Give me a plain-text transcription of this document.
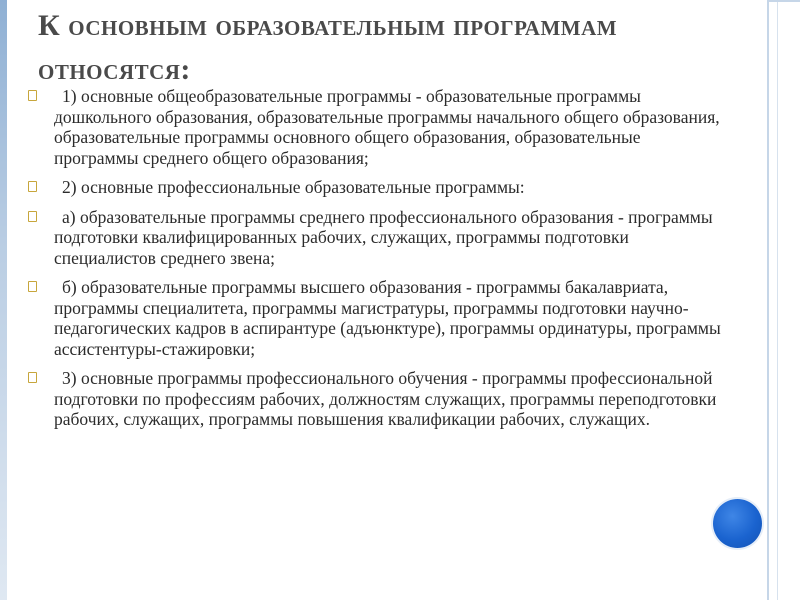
К основным образовательным программам относятся:
1) основные общеобразовательные программы - образовательные программы дошкольного образования, образовательные программы начального общего образования, образовательные программы основного общего образования, образовательные программы среднего общего образования;
2) основные профессиональные образовательные программы:
а) образовательные программы среднего профессионального образования - программы подготовки квалифицированных рабочих, служащих, программы подготовки специалистов среднего звена;
б) образовательные программы высшего образования - программы бакалавриата, программы специалитета, программы магистратуры, программы подготовки научно-педагогических кадров в аспирантуре (адъюнктуре), программы ординатуры, программы ассистентуры-стажировки;
3) основные программы профессионального обучения - программы профессиональной подготовки по профессиям рабочих, должностям служащих, программы переподготовки рабочих, служащих, программы повышения квалификации рабочих, служащих.
